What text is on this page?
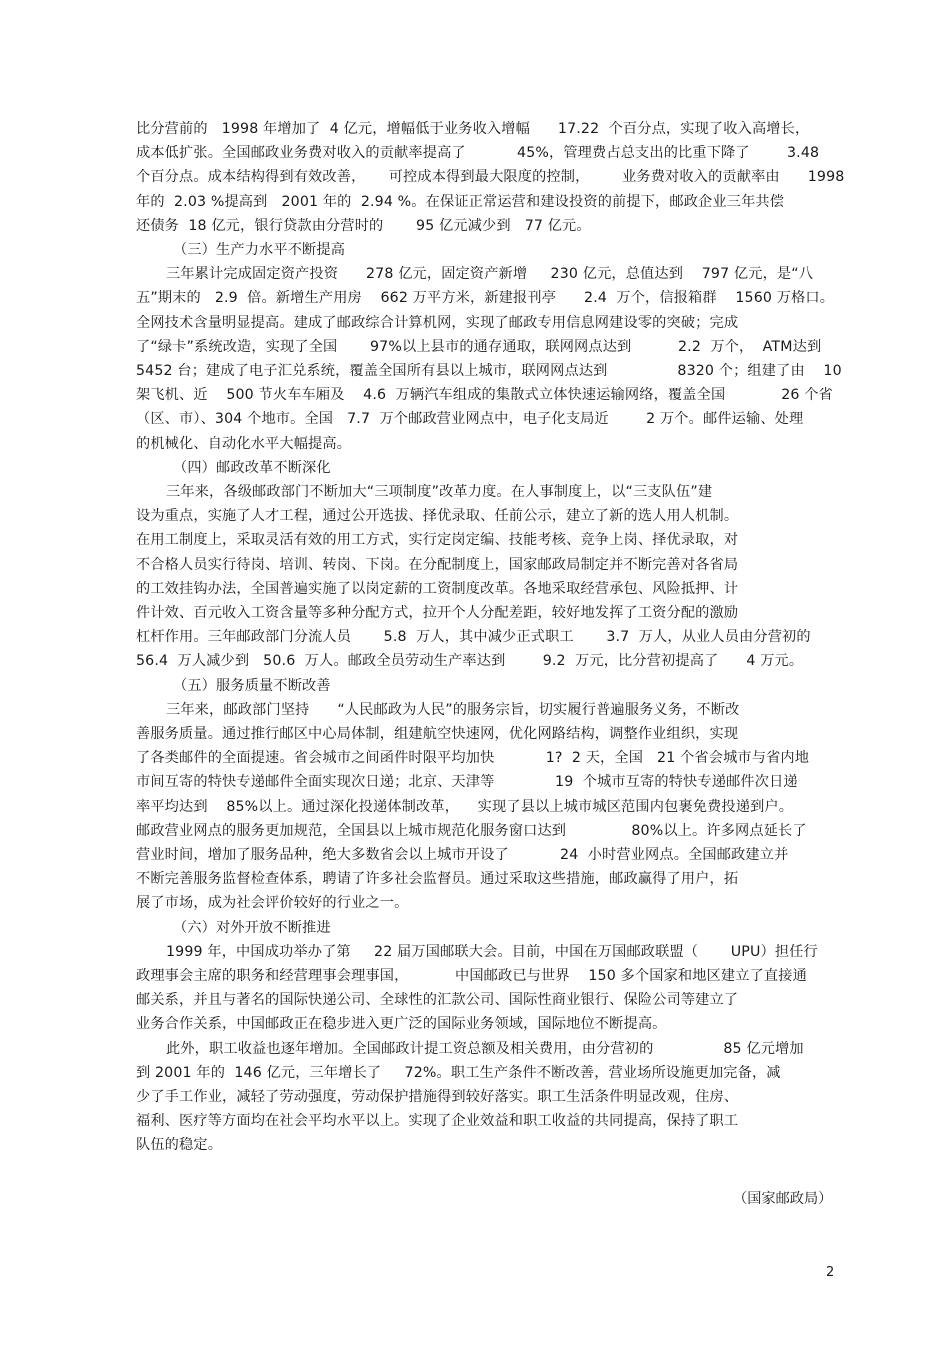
比分营前的   1998 年增加了  4 亿元，增幅低于业务收入增幅      17.22  个百分点，实现了收入高增长，
成本低扩张。全国邮政业务费对收入的贡献率提高了           45%，管理费占总支出的比重下降了        3.48
个百分点。成本结构得到有效改善，     可控成本得到最大限度的控制，       业务费对收入的贡献率由      1998
年的  2.03 %提高到   2001 年的  2.94 %。在保证正常运营和建设投资的前提下，邮政企业三年共偿
还债务  18 亿元，银行贷款由分营时的       95 亿元减少到   77 亿元。
（三）生产力水平不断提高
三年累计完成固定资产投资      278 亿元，固定资产新增     230 亿元，总值达到    797 亿元，是“八
五”期末的   2.9  倍。新增生产用房    662 万平方米，新建报刊亭      2.4  万个，信报箱群    1560 万格口。
全网技术含量明显提高。建成了邮政综合计算机网，实现了邮政专用信息网建设零的突破；完成
了“绿卡”系统改造，实现了全国       97%以上县市的通存通取，联网网点达到          2.2  万个，  ATM达到
5452 台；建成了电子汇兑系统，覆盖全国所有县以上城市，联网网点达到               8320 个；组建了由    10
架飞机、近    500 节火车车厢及    4.6  万辆汽车组成的集散式立体快速运输网络，覆盖全国            26 个省
（区、市）、304 个地市。全国   7.7  万个邮政营业网点中，电子化支局近        2 万个。邮件运输、处理
的机械化、自动化水平大幅提高。
（四）邮政改革不断深化
三年来，各级邮政部门不断加大“三项制度”改革力度。在人事制度上，以“三支队伍”建
设为重点，实施了人才工程，通过公开选拔、择优录取、任前公示，建立了新的选人用人机制。
在用工制度上，采取灵活有效的用工方式，实行定岗定编、技能考核、竞争上岗、择优录取，对
不合格人员实行待岗、培训、转岗、下岗。在分配制度上，国家邮政局制定并不断完善对各省局
的工效挂钩办法，全国普遍实施了以岗定薪的工资制度改革。各地采取经营承包、风险抵押、计
件计效、百元收入工资含量等多种分配方式，拉开个人分配差距，较好地发挥了工资分配的激励
杠杆作用。三年邮政部门分流人员       5.8  万人，其中减少正式职工       3.7  万人，从业人员由分营初的
56.4  万人减少到   50.6  万人。邮政全员劳动生产率达到        9.2  万元，比分营初提高了      4 万元。
（五）服务质量不断改善
三年来，邮政部门坚持      “人民邮政为人民”的服务宗旨，切实履行普遍服务义务，不断改
善服务质量。通过推行邮区中心局体制，组建航空快速网，优化网路结构，调整作业组织，实现
了各类邮件的全面提速。省会城市之间函件时限平均加快           1?  2 天，全国   21 个省会城市与省内地
市间互寄的特快专递邮件全面实现次日递；北京、天津等             19  个城市互寄的特快专递邮件次日递
率平均达到    85%以上。通过深化投递体制改革，    实现了县以上城市城区范围内包裹免费投递到户。
邮政营业网点的服务更加规范，全国县以上城市规范化服务窗口达到              80%以上。许多网点延长了
营业时间，增加了服务品种，绝大多数省会以上城市开设了           24  小时营业网点。全国邮政建立并
不断完善服务监督检查体系，聘请了许多社会监督员。通过采取这些措施，邮政赢得了用户，拓
展了市场，成为社会评价较好的行业之一。
（六）对外开放不断推进
1999 年，中国成功举办了第     22 届万国邮联大会。目前，中国在万国邮政联盟（       UPU）担任行
政理事会主席的职务和经营理事会理事国，          中国邮政已与世界    150 多个国家和地区建立了直接通
邮关系，并且与著名的国际快递公司、全球性的汇款公司、国际性商业银行、保险公司等建立了
业务合作关系，中国邮政正在稳步进入更广泛的国际业务领域，国际地位不断提高。
此外，职工收益也逐年增加。全国邮政计提工资总额及相关费用，由分营初的               85 亿元增加
到 2001 年的  146 亿元，三年增长了     72%。职工生产条件不断改善，营业场所设施更加完备，减
少了手工作业，减轻了劳动强度，劳动保护措施得到较好落实。职工生活条件明显改观，住房、
福利、医疗等方面均在社会平均水平以上。实现了企业效益和职工收益的共同提高，保持了职工
队伍的稳定。
（国家邮政局）
2
